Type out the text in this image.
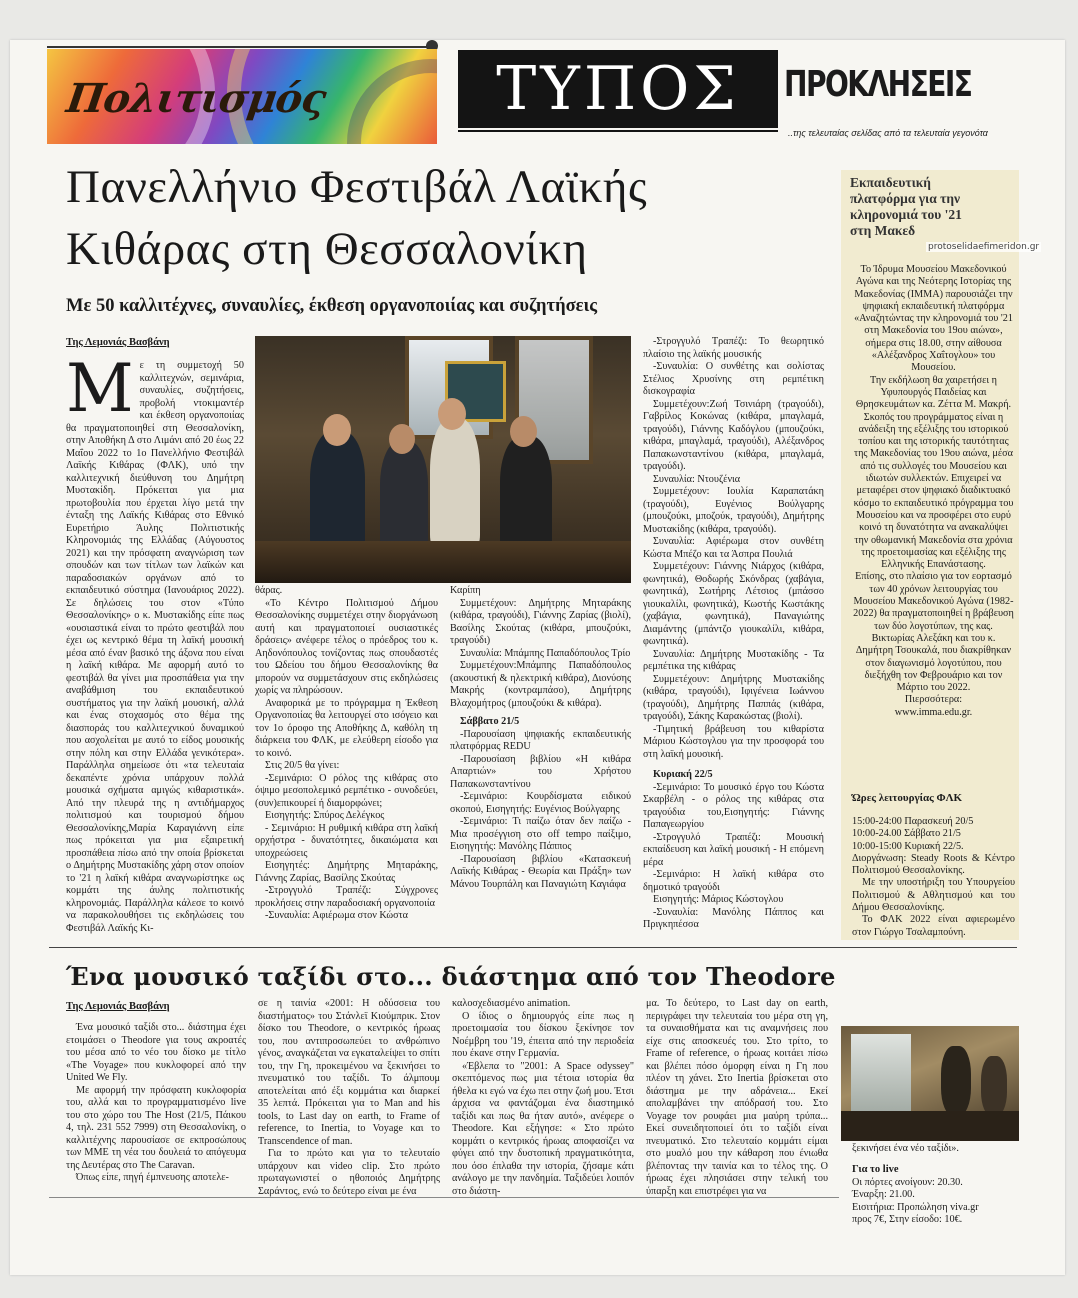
Πολιτισμός	ΤΥΠΟΣ	ΠΡΟΚΛΗΣΕΙΣ
..της τελευταίας σελίδας από τα τελευταία γεγονότα
Πανελλήνιο Φεστιβάλ Λαϊκής
Κιθάρας στη Θεσσαλονίκη
Με 50 καλλιτέχνες, συναυλίες, έκθεση οργανοποιίας και συζητήσεις
Της Λεμονιάς Βασβάνη
Μ ε τη συμμετοχή 50 καλλιτεχνών, σεμινάρια, συναυλίες, συζητήσεις, προβολή ντοκιμαντέρ και έκθεση οργανοποιίας θα πραγματοποιηθεί στη Θεσσαλονίκη, στην Αποθήκη Δ στο Λιμάνι από 20 έως 22 Μαΐου 2022 το 1ο Πανελλήνιο Φεστιβάλ Λαϊκής Κιθάρας (ΦΛΚ), υπό την καλλιτεχνική διεύθυνση του Δημήτρη Μυστακίδη. Πρόκειται για μια πρωτοβουλία που έρχεται λίγο μετά την ένταξη της Λαϊκής Κιθάρας στο Εθνικό Ευρετήριο Άυλης Πολιτιστικής Κληρονομιάς της Ελλάδας (Αύγουστος 2021) και την πρόσφατη αναγνώριση των σπουδών και των τίτλων των λαϊκών και παραδοσιακών οργάνων από το εκπαιδευτικό σύστημα (Ιανουάριος 2022). Σε δηλώσεις του στον «Τύπο Θεσσαλονίκης» ο κ. Μυστακίδης είπε πως «ουσιαστικά είναι το πρώτο φεστιβάλ που έχει ως κεντρικό θέμα τη λαϊκή μουσική μέσα από έναν βασικό της άξονα που είναι η λαϊκή κιθάρα. Με αφορμή αυτό το φεστιβάλ θα γίνει μια προσπάθεια για την αναβάθμιση του εκπαιδευτικού συστήματος για την λαϊκή μουσική, αλλά και ένας στοχασμός στο θέμα της διασποράς του καλλιτεχνικού δυναμικού που ασχολείται με αυτό το είδος μουσικής στην πόλη και στην Ελλάδα γενικότερα». Παράλληλα σημείωσε ότι «τα τελευταία δεκαπέντε χρόνια υπάρχουν πολλά μουσικά σχήματα αμιγώς κιθαριστικά». Από την πλευρά της η αντιδήμαρχος πολιτισμού και τουρισμού δήμου Θεσσαλονίκης,Μαρία Καραγιάννη είπε πως πρόκειται για μια εξαιρετική προσπάθεια πίσω από την οποία βρίσκεται ο Δημήτρης Μυστακίδης χάρη στον οποίον το '21 η λαϊκή κιθάρα αναγνωρίστηκε ως κομμάτι της άυλης πολιτιστικής κληρονομιάς. Παράλληλα κάλεσε το κοινό να παρακολουθήσει τις εκδηλώσεις του Φεστιβάλ Λαϊκής Κι-

θάρας.

«Το Κέντρο Πολιτισμού Δήμου Θεσσαλονίκης συμμετέχει στην διοργάνωση αυτή και πραγματοποιεί ουσιαστικές δράσεις» ανέφερε τέλος ο πρόεδρος του κ. Αηδονόπουλος τονίζοντας πως σπουδαστές του Ωδείου του δήμου Θεσσαλονίκης θα μπορούν να συμμετάσχουν στις εκδηλώσεις χωρίς να πληρώσουν.

Αναφορικά με το πρόγραμμα η Έκθεση Οργανοποιίας θα λειτουργεί στο ισόγειο και τον 1ο όροφο της Αποθήκης Δ, καθόλη τη διάρκεια του ΦΛΚ, με ελεύθερη είσοδο για το κοινό.

Στις 20/5 θα γίνει:

-Σεμινάριο: Ο ρόλος της κιθάρας στο όψιμο μεσοπολεμικό ρεμπέτικο - συνοδεύει, (συν)επικουρεί ή διαμορφώνει;

Εισηγητής: Σπύρος Δελέγκος

- Σεμινάριο: Η ρυθμική κιθάρα στη λαϊκή ορχήστρα - δυνατότητες, δικαιώματα και υποχρεώσεις

Εισηγητές: Δημήτρης Μηταράκης, Γιάννης Ζαρίας, Βασίλης Σκούτας

-Στρογγυλό Τραπέζι: Σύγχρονες προκλήσεις στην παραδοσιακή οργανοποιία

-Συναυλία: Αφιέρωμα στον Κώστα

Καρίπη

Συμμετέχουν: Δημήτρης Μηταράκης (κιθάρα, τραγούδι), Γιάννης Ζαρίας (βιολί), Βασίλης Σκούτας (κιθάρα, μπουζούκι, τραγούδι)

Συναυλία: Μπάμπης Παπαδόπουλος Τρίο

Συμμετέχουν:Μπάμπης Παπαδόπουλος (ακουστική & ηλεκτρική κιθάρα), Διονύσης Μακρής (κοντραμπάσο), Δημήτρης Βλαχομήτρος (μπουζούκι & κιθάρα).

Σάββατο 21/5

-Παρουσίαση ψηφιακής εκπαιδευτικής πλατφόρμας REDU

-Παρουσίαση βιβλίου «Η κιθάρα Απαρτιών» του Χρήστου Παπακωνσταντίνου

-Σεμινάριο: Κουρδίσματα ειδικού σκοπού, Εισηγητής: Ευγένιος Βούλγαρης

-Σεμινάριο: Τι παίζω όταν δεν παίζω - Μια προσέγγιση στο off tempo παίξιμο, Εισηγητής: Μανόλης Πάππος

-Παρουσίαση βιβλίου «Κατασκευή Λαϊκής Κιθάρας - Θεωρία και Πράξη» των Μάνου Τουρπάλη και Παναγιώτη Καγιάφα

-Στρογγυλό Τραπέζι: Το θεωρητικό πλαίσιο της λαϊκής μουσικής

-Συναυλία: Ο συνθέτης και σολίστας Στέλιος Χρυσίνης στη ρεμπέτικη δισκογραφία

Συμμετέχουν:Ζωή Τσινιάρη (τραγούδι), Γαβρίλος Κοκώνας (κιθάρα, μπαγλαμά, τραγούδι), Γιάννης Καδόγλου (μπουζούκι, κιθάρα, μπαγλαμά, τραγούδι), Αλέξανδρος Παπακωνσταντίνου (κιθάρα, μπαγλαμά, τραγούδι).

Συναυλία: Ντουζένια

Συμμετέχουν: Ιουλία Καραπατάκη (τραγούδι), Ευγένιος Βούλγαρης (μπουζούκι, μποζούκ, τραγούδι), Δημήτρης Μυστακίδης (κιθάρα, τραγούδι).

Συναυλία: Αφιέρωμα στον συνθέτη Κώστα Μπέζο και τα Άσπρα Πουλιά

Συμμετέχουν: Γιάννης Νιάρχος (κιθάρα, φωνητικά), Θοδωρής Σκόνδρας (χαβάγια, φωνητικά), Σωτήρης Λέτσιος (μπάσσο γιουκαλίλι, φωνητικά), Κωστής Κωστάκης (χαβάγια, φωνητικά), Παναγιώτης Διαμάντης (μπάντζο γιουκαλίλι, κιθάρα, φωνητικά).

Συναυλία: Δημήτρης Μυστακίδης - Τα ρεμπέτικα της κιθάρας

Συμμετέχουν: Δημήτρης Μυστακίδης (κιθάρα, τραγούδι), Ιφιγένεια Ιωάννου (τραγούδι), Δημήτρης Παππάς (κιθάρα, τραγούδι), Σάκης Καρακώστας (βιολί).

-Τιμητική βράβευση του κιθαρίστα Μάριου Κώστογλου για την προσφορά του στη λαϊκή μουσική.

Κυριακή 22/5

-Σεμινάριο: Το μουσικό έργο του Κώστα Σκαρβέλη - ο ρόλος της κιθάρας στα τραγούδια του,Εισηγητής: Γιάννης Παπαγεωργίου

-Στρογγυλό Τραπέζι: Μουσική εκπαίδευση και λαϊκή μουσική - Η επόμενη μέρα

-Σεμινάριο: Η λαϊκή κιθάρα στο δημοτικό τραγούδι

Εισηγητής: Μάριος Κώστογλου

-Συναυλία: Μανόλης Πάππος και Πριγκηπέσσα

Εκπαιδευτική
πλατφόρμα για την
κληρονομιά του '21
στη Μακεδ
protoselidaefimeridon.gr

Το Ίδρυμα Μουσείου Μακεδονικού Αγώνα και της Νεότερης Ιστορίας της Μακεδονίας (ΙΜΜΑ) παρουσιάζει την ψηφιακή εκπαιδευτική πλατφόρμα «Αναζητώντας την κληρονομιά του '21 στη Μακεδονία του 19ου αιώνα», σήμερα στις 18.00, στην αίθουσα «Αλέξανδρος Χαΐτογλου» του Μουσείου.

Την εκδήλωση θα χαιρετήσει η Υφυπουργός Παιδείας και Θρησκευμάτων κα. Ζέττα Μ. Μακρή.

Σκοπός του προγράμματος είναι η ανάδειξη της εξέλιξης του ιστορικού τοπίου και της ιστορικής ταυτότητας της Μακεδονίας του 19ου αιώνα, μέσα από τις συλλογές του Μουσείου και ιδιωτών συλλεκτών. Επιχειρεί να μεταφέρει στον ψηφιακό διαδικτυακό κόσμο το εκπαιδευτικό πρόγραμμα του Μουσείου και να προσφέρει στο ευρύ κοινό τη δυνατότητα να ανακαλύψει την οθωμανική Μακεδονία στα χρόνια της προετοιμασίας και εξέλιξης της Ελληνικής Επανάστασης.

Επίσης, στο πλαίσιο για τον εορτασμό των 40 χρόνων λειτουργίας του Μουσείου Μακεδονικού Αγώνα (1982-2022) θα πραγματοποιηθεί η βράβευση των δύο λογοτύπων, της κας. Βικτωρίας Αλεξάκη και του κ. Δημήτρη Τσουκαλά, που διακρίθηκαν στον διαγωνισμό λογοτύπου, που διεξήχθη τον Φεβρουάριο και τον Μάρτιο του 2022.

Πιερσσότερα:

www.imma.edu.gr.

Ώρες λειτουργίας ΦΛΚ

15:00-24:00 Παρασκευή 20/5

10:00-24.00 Σάββατο 21/5

10:00-15:00 Κυριακή 22/5.

Διοργάνωση: Steady Roots & Κέντρο Πολιτισμού Θεσσαλονίκης.

Με την υποστήριξη του Υπουργείου Πολιτισμού & Αθλητισμού και του Δήμου Θεσσαλονίκης.

Το ΦΛΚ 2022 είναι αφιερωμένο στον Γιώργο Τσαλαμπούνη.

Ένα μουσικό ταξίδι στο... διάστημα από τον Theodore
Της Λεμονιάς Βασβάνη

Ένα μουσικό ταξίδι στο... διάστημα έχει ετοιμάσει ο Theodore για τους ακροατές του μέσα από το νέο του δίσκο με τίτλο «The Voyage» που κυκλοφορεί από την United We Fly.

Με αφορμή την πρόσφατη κυκλοφορία του, αλλά και το προγραμματισμένο live του στο χώρο του The Host (21/5, Πάικου 4, τηλ. 231 552 7999) στη Θεσσαλονίκη, ο καλλιτέχνης παρουσίασε σε εκπροσώπους των ΜΜΕ τη νέα του δουλειά το απόγευμα της Δευτέρας στο The Caravan.

Όπως είπε, πηγή έμπνευσης αποτελε-

σε η ταινία «2001: Η οδύσσεια του διαστήματος» του Στάνλεϊ Κιούμπρικ. Στον δίσκο του Theodore, ο κεντρικός ήρωας του, που αντιπροσωπεύει το ανθρώπινο γένος, αναγκάζεται να εγκαταλείψει το σπίτι του, την Γη, προκειμένου να ξεκινήσει το πνευματικό του ταξίδι. Το άλμπουμ αποτελείται από έξι κομμάτια και διαρκεί 35 λεπτά. Πρόκειται για το Man and his tools, to Last day on earth, to Frame of reference, to Inertia, to Voyage και το Transcendence of man.

Για το πρώτο και για το τελευταίο υπάρχουν και video clip. Στο πρώτο πρωταγωνιστεί ο ηθοποιός Δημήτρης Σαράντος, ενώ το δεύτερο είναι με ένα

καλοσχεδιασμένο animation.

Ο ίδιος ο δημιουργός είπε πως η προετοιμασία του δίσκου ξεκίνησε τον Νοέμβρη του '19, έπειτα από την περιοδεία που έκανε στην Γερμανία.

«Έβλεπα το "2001: A Space odyssey" σκεπτόμενος πως μια τέτοια ιστορία θα ήθελα κι εγώ να έχω πει στην ζωή μου. Έτσι άρχισα να φαντάζομαι ένα διαστημικό ταξίδι και πως θα ήταν αυτό», ανέφερε ο Theodore. Και εξήγησε: « Στο πρώτο κομμάτι ο κεντρικός ήρωας αποφασίζει να φύγει από την δυστοπική πραγματικότητα, που όσο έπλαθα την ιστορία, ζήσαμε κάτι ανάλογο με την πανδημία. Ταξιδεύει λοιπόν στο διάστη-

μα. Το δεύτερο, το Last day on earth, περιγράφει την τελευταία του μέρα στη γη, τα συναισθήματα και τις αναμνήσεις που είχε στις αποσκευές του. Στο τρίτο, το Frame of reference, ο ήρωας κοιτάει πίσω και βλέπει πόσο όμορφη είναι η Γη που πλέον τη χάνει. Στο Inertia βρίσκεται στο διάστημα με την αδράνεια... Εκεί απολαμβάνει την απόδρασή του. Στο Voyage τον ρουφάει μια μαύρη τρύπα... Εκεί συνειδητοποιεί ότι το ταξίδι είναι πνευματικό. Στο τελευταίο κομμάτι είμαι στο μυαλό μου την κάθαρση που ένιωθα βλέποντας την ταινία και το τέλος της. Ο ήρωας έχει πλησιάσει στην τελική του ύπαρξη και επιστρέφει για να

ξεκινήσει ένα νέο ταξίδι».
Για το live

Οι πόρτες ανοίγουν: 20.30.

Έναρξη: 21.00.

Εισιτήρια: Προπώληση viva.gr

προς 7€, Στην είσοδο: 10€.
